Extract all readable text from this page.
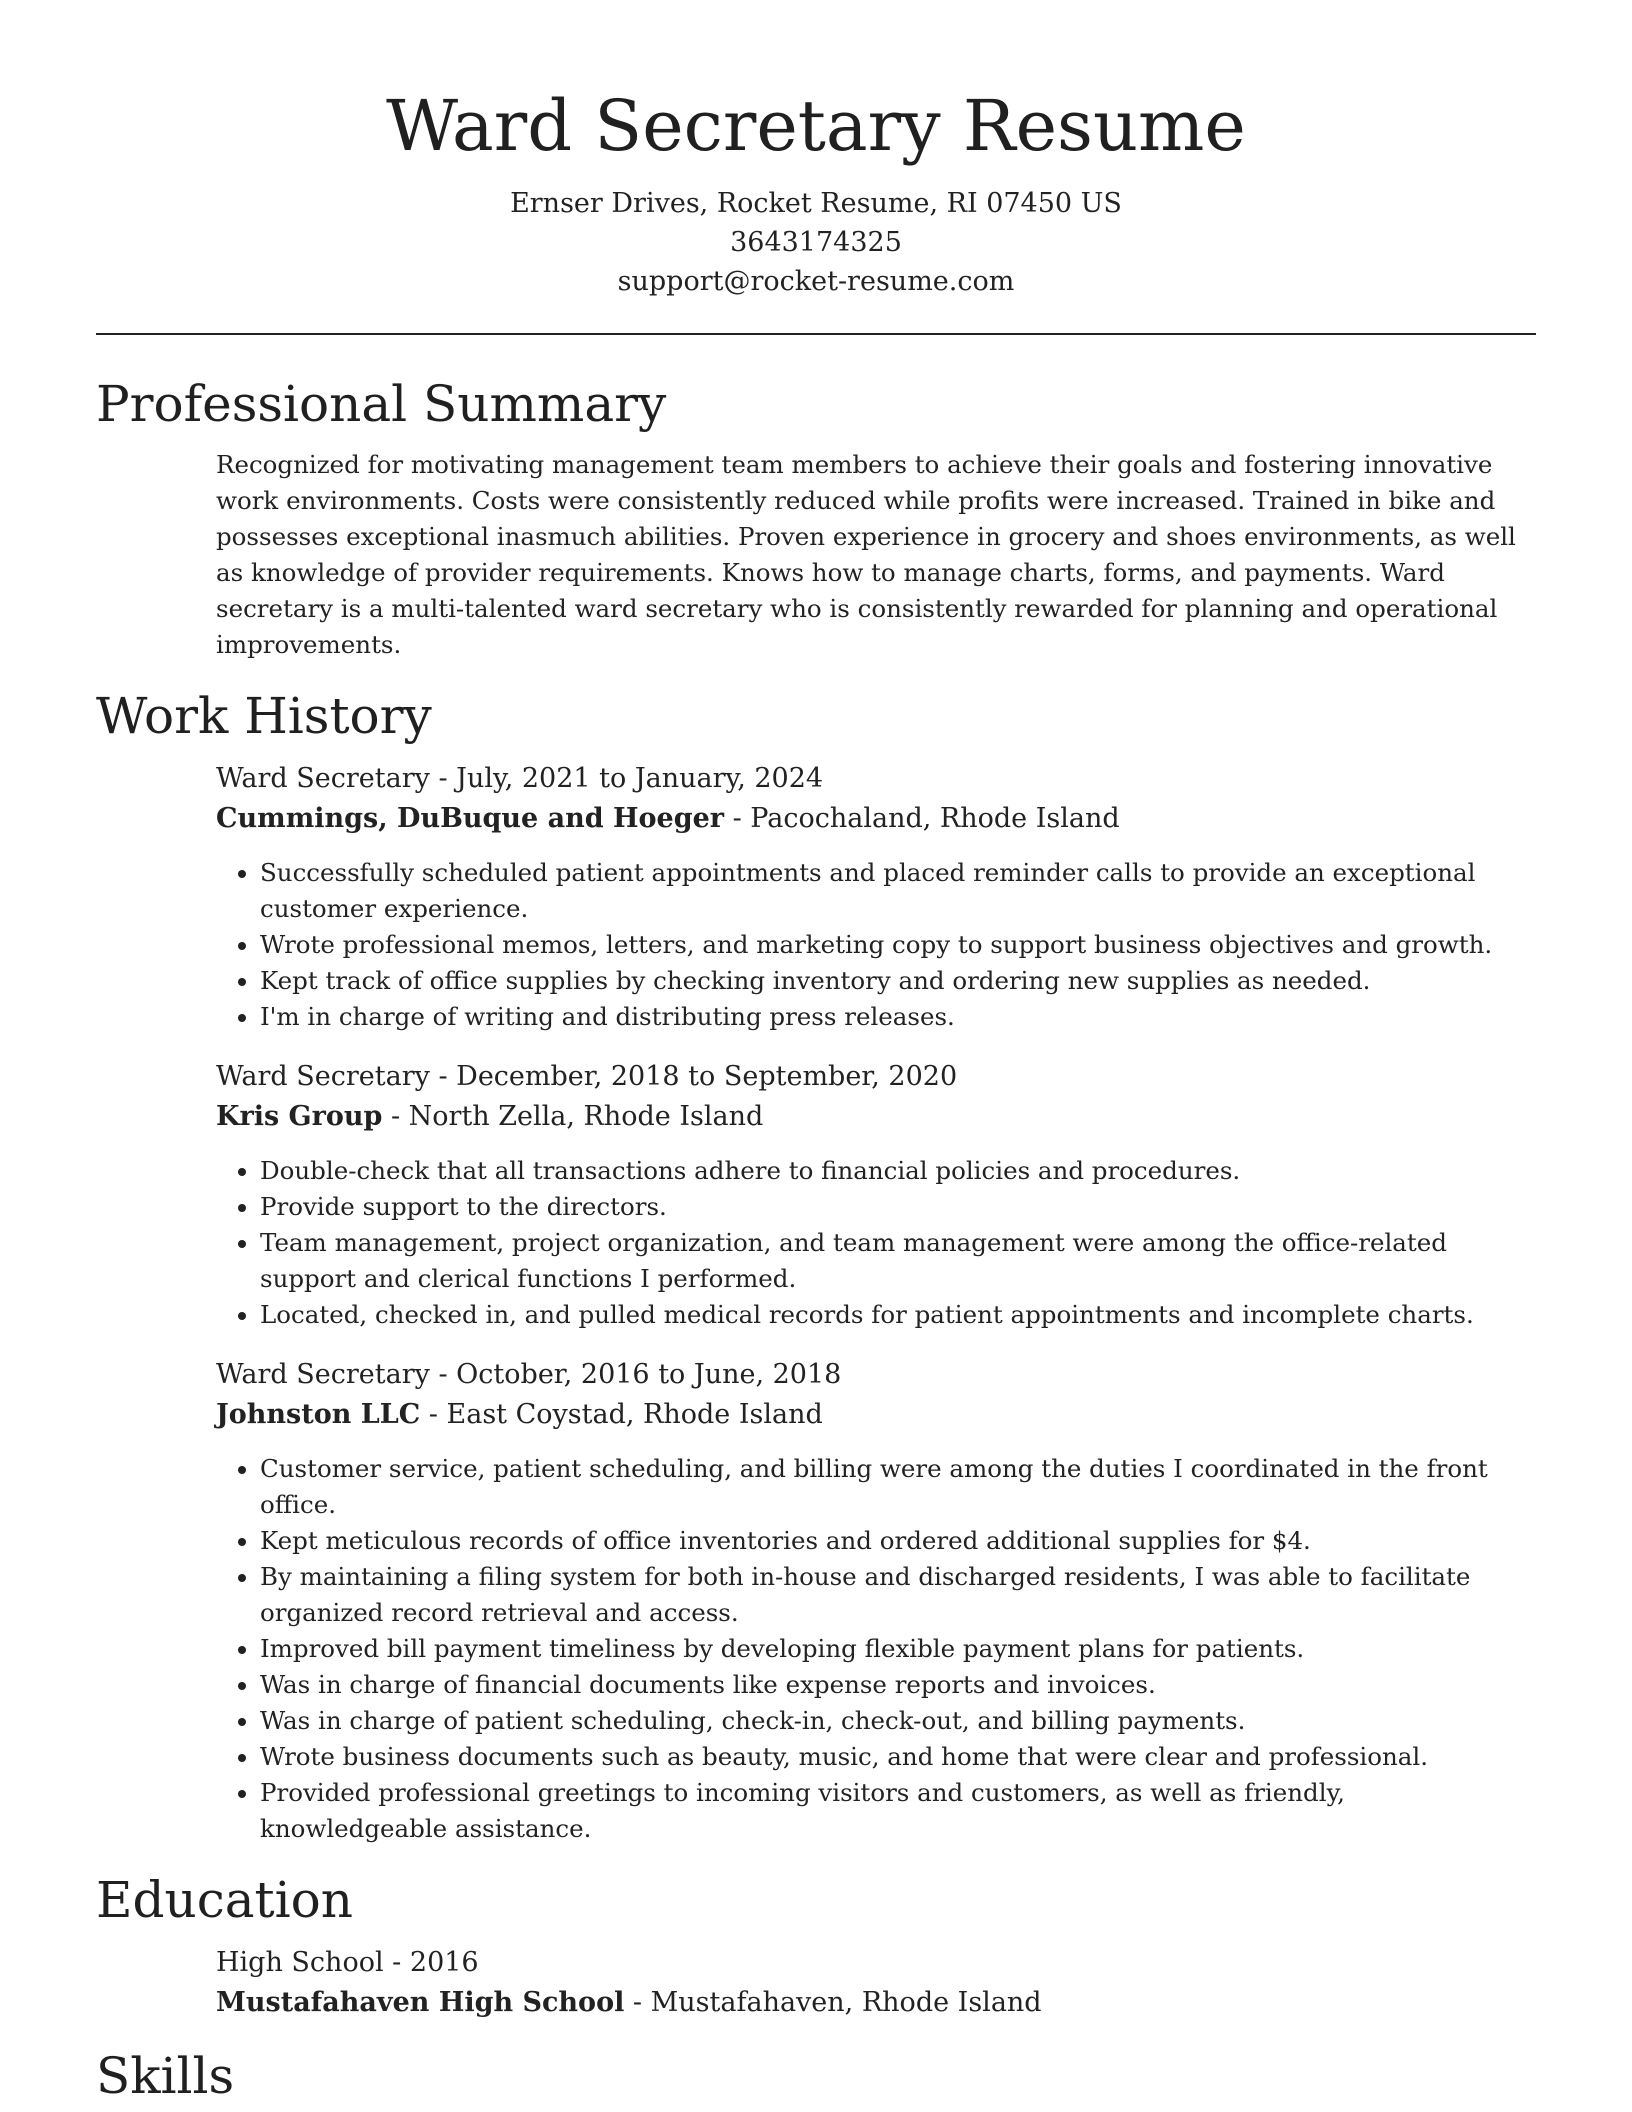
Ward Secretary Resume
Ernser Drives, Rocket Resume, RI 07450 US
3643174325
support@rocket-resume.com
Professional Summary

Recognized for motivating management team members to achieve their goals and fostering innovative work environments. Costs were consistently reduced while profits were increased. Trained in bike and possesses exceptional inasmuch abilities. Proven experience in grocery and shoes environments, as well as knowledge of provider requirements. Knows how to manage charts, forms, and payments. Ward secretary is a multi-talented ward secretary who is consistently rewarded for planning and operational improvements.

Work History
Ward Secretary - July, 2021 to January, 2024
Cummings, DuBuque and Hoeger - Pacochaland, Rhode Island
• Successfully scheduled patient appointments and placed reminder calls to provide an exceptional customer experience.
• Wrote professional memos, letters, and marketing copy to support business objectives and growth.
• Kept track of office supplies by checking inventory and ordering new supplies as needed.
• I'm in charge of writing and distributing press releases.
Ward Secretary - December, 2018 to September, 2020
Kris Group - North Zella, Rhode Island
• Double-check that all transactions adhere to financial policies and procedures.
• Provide support to the directors.
• Team management, project organization, and team management were among the office-related support and clerical functions I performed.
• Located, checked in, and pulled medical records for patient appointments and incomplete charts.
Ward Secretary - October, 2016 to June, 2018
Johnston LLC - East Coystad, Rhode Island
• Customer service, patient scheduling, and billing were among the duties I coordinated in the front office.
• Kept meticulous records of office inventories and ordered additional supplies for $4.
• By maintaining a filing system for both in-house and discharged residents, I was able to facilitate organized record retrieval and access.
• Improved bill payment timeliness by developing flexible payment plans for patients.
• Was in charge of financial documents like expense reports and invoices.
• Was in charge of patient scheduling, check-in, check-out, and billing payments.
• Wrote business documents such as beauty, music, and home that were clear and professional.
• Provided professional greetings to incoming visitors and customers, as well as friendly, knowledgeable assistance.
Education
High School - 2016
Mustafahaven High School - Mustafahaven, Rhode Island
Skills
